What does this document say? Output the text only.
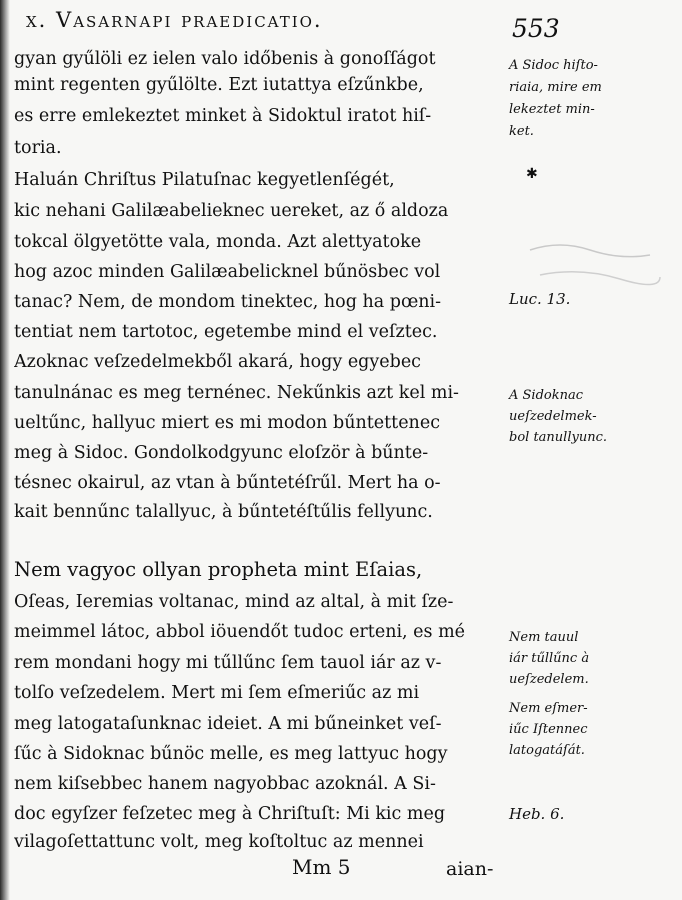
x. Vasarnapi praedicatio.	553
gyan gyűlöli ez ielen valo időbenis à gonoſſágot
mint regenten gyűlölte. Ezt iutattya eſzűnkbe,
es erre emlekeztet minket à Sidoktul iratot hiſ-
toria.
Haluán Chriſtus Pilatuſnac kegyetlenſégét,
kic nehani Galilæabelieknec uereket, az ő aldoza
tokcal ölgyetötte vala, monda. Azt alettyatoke
hog azoc minden Galilæabelicknel bűnösbec vol
tanac? Nem, de mondom tinektec, hog ha pœni-
tentiat nem tartotoc, egetembe mind el veſztec.
Azoknac veſzedelmekből akará, hogy egyebec
tanulnánac es meg ternénec. Nekűnkis azt kel mi-
ueltűnc, hallyuc miert es mi modon bűntettenec
meg à Sidoc. Gondolkodgyunc eloſzör à bűnte-
tésnec okairul, az vtan à bűntetéſrűl. Mert ha o-
kait bennűnc talallyuc, à bűntetéſtűlis fellyunc.
Nem vagyoc ollyan propheta mint Eſaias,
Oſeas, Ieremias voltanac, mind az altal, à mit ſze-
meimmel látoc, abbol iöuendőt tudoc erteni, es mé
rem mondani hogy mi tűllűnc ſem tauol iár az v-
tolſo veſzedelem. Mert mi ſem eſmeriűc az mi
meg latogataſunknac ideiet. A mi bűneinket veſ-
ſűc à Sidoknac bűnöc melle, es meg lattyuc hogy
nem kiſsebbec hanem nagyobbac azoknál. A Si-
doc egyſzer feſzetec meg à Chriſtuſt: Mi kic meg
vilagoſettattunc volt, meg koſtoltuc az mennei
A Sidoc hiſto-
riaia, mire em
lekeztet min-
ket.
✱
Luc. 13.
A Sidoknac
ueſzedelmek-
bol tanullyunc.
Nem tauul
iár tűllűnc à
ueſzedelem.
Nem eſmer-
iűc Iſtennec
latogatáſát.
Heb. 6.
Mm 5	aian-
